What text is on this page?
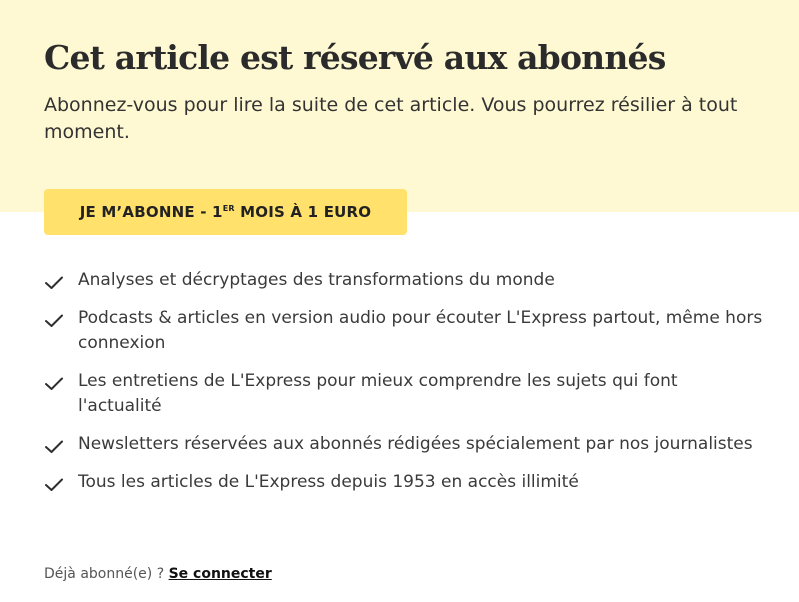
Cet article est réservé aux abonnés

Abonnez-vous pour lire la suite de cet article. Vous pourrez résilier à tout moment.

JE M’ABONNE - 1ER MOIS À 1 EURO
Analyses et décryptages des transformations du monde
Podcasts & articles en version audio pour écouter L'Express partout, même hors connexion
Les entretiens de L'Express pour mieux comprendre les sujets qui font l'actualité
Newsletters réservées aux abonnés rédigées spécialement par nos journalistes
Tous les articles de L'Express depuis 1953 en accès illimité
Déjà abonné(e) ? Se connecter
